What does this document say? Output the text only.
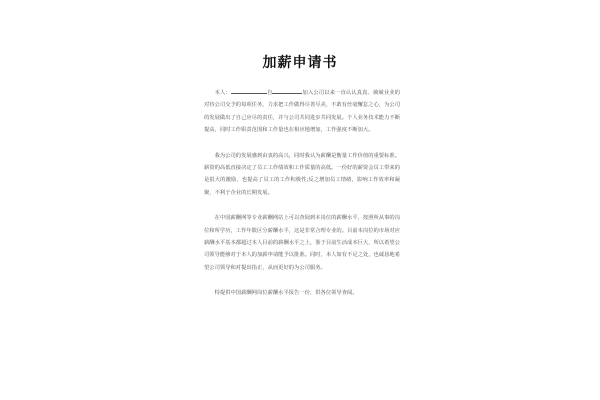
加薪申请书

本人：	自	加入公司以来一直认认真真、兢兢业业的对待公司交予的每项任务，力求把工作做得尽善尽美，不敢有丝毫懈怠之心，为公司的发展做出了自己应尽的责任，并与公司共同进步共同发展。个人业务技术能力不断提高，同时工作职责范围和工作量也在相应地增加，工作强度不断加大。

我为公司的发展感到由衷的高兴，同时我认为薪酬是衡量工作价值的重要标准。薪资的高低直接决定了员工工作绩效和工作质量的高低。一份好的薪资会员工带来的是很大的激励，也提高了员工的工作积极性;反之增加员工情绪，影响工作效率和凝聚，不利于企业的长期发展。

在中国薪酬网等专业薪酬网站上可以查阅到本岗位的薪酬水平，按照所从事的岗位和所学历，工作年限区分薪酬水平，这是非常合理专业的。目前本岗位的市场对应薪酬水平基本都超过本人目前的薪酬水平之上，鉴于目前生活成本巨大，所以希望公司领导能够对于本人的加薪申请能予以批准。同时，本人如有不足之处，也诚恳地希望公司领导和对提出指正，从而更好的为公司服务。

特提供中国薪酬网岗位薪酬水平报告一份，供各位领导查阅。
